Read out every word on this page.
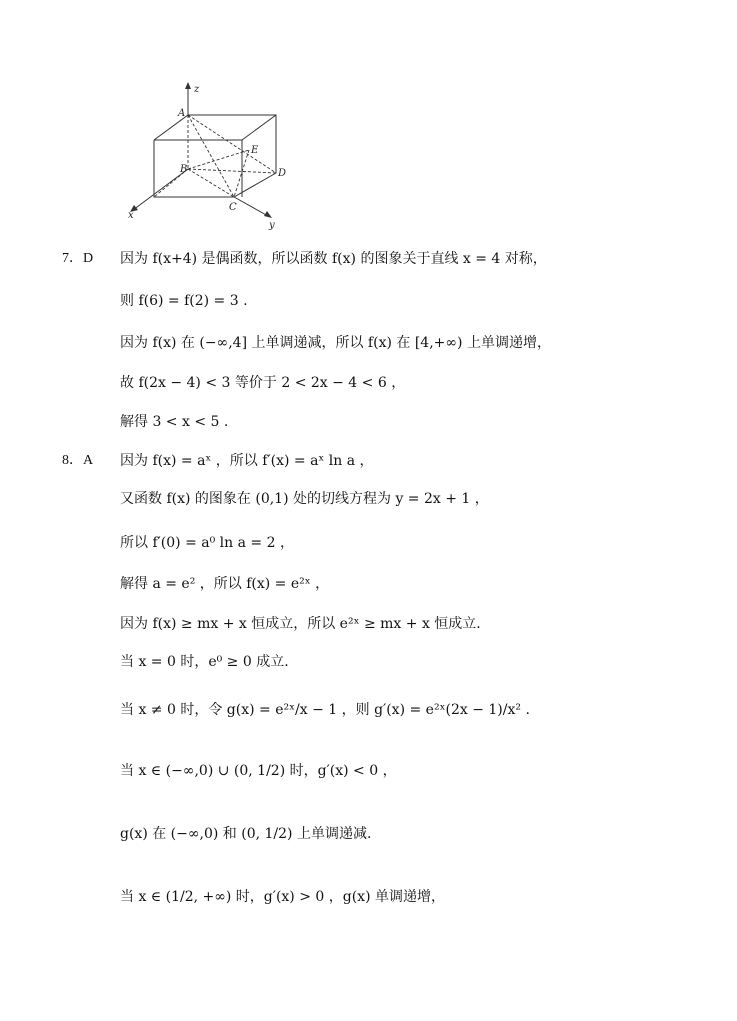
z
A
E
B	D
C
x
y
7．D 因为 f(x+4) 是偶函数，所以函数 f(x) 的图象关于直线 x = 4 对称，
则 f(6) = f(2) = 3 .
因为 f(x) 在 (−∞,4] 上单调递减，所以 f(x) 在 [4,+∞) 上单调递增，
故 f(2x − 4) < 3 等价于 2 < 2x − 4 < 6 ，
解得 3 < x < 5 .
8．A 因为 f(x) = aˣ ，所以 f′(x) = aˣ ln a ，
又函数 f(x) 的图象在 (0,1) 处的切线方程为 y = 2x + 1 ，
所以 f′(0) = a⁰ ln a = 2 ，
解得 a = e² ，所以 f(x) = e²ˣ ，
因为 f(x) ≥ mx + x 恒成立，所以 e²ˣ ≥ mx + x 恒成立.
当 x = 0 时，e⁰ ≥ 0 成立.
当 x ≠ 0 时，令 g(x) = e²ˣ/x − 1 ，则 g′(x) = e²ˣ(2x − 1)/x² .
当 x ∈ (−∞,0) ∪ (0, 1/2) 时，g′(x) < 0 ，
g(x) 在 (−∞,0) 和 (0, 1/2) 上单调递减.
当 x ∈ (1/2, +∞) 时，g′(x) > 0 ，g(x) 单调递增，
